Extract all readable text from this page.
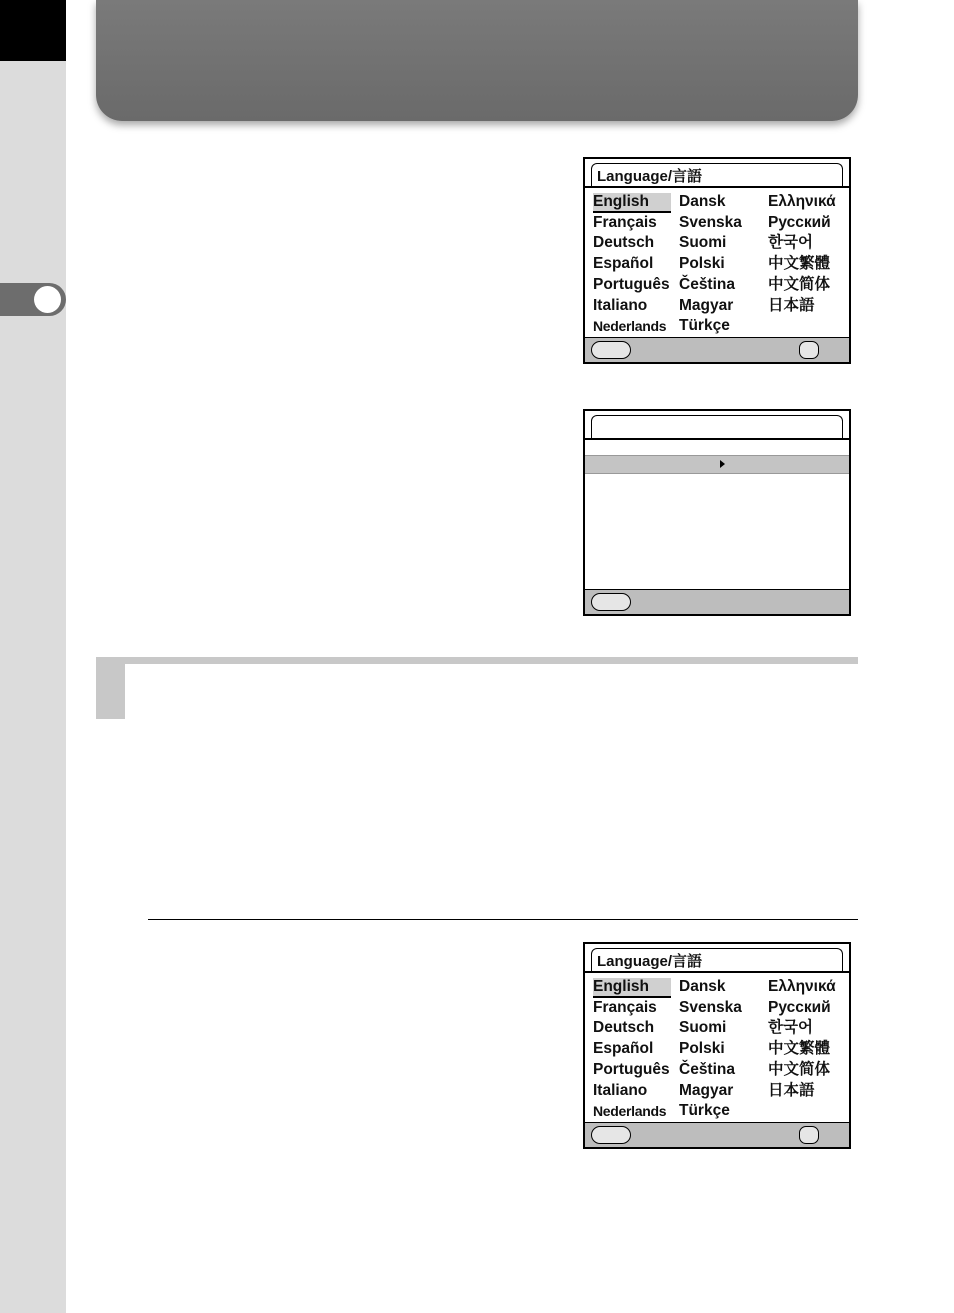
Language/言語
English
Français
Deutsch
Español
Português
Italiano
Nederlands
Dansk
Svenska
Suomi
Polski
Čeština
Magyar
Türkçe
Ελληνικά
Русский
한국어
中文繁體
中文简体
日本語
Language/言語
English
Français
Deutsch
Español
Português
Italiano
Nederlands
Dansk
Svenska
Suomi
Polski
Čeština
Magyar
Türkçe
Ελληνικά
Русский
한국어
中文繁體
中文简体
日本語
